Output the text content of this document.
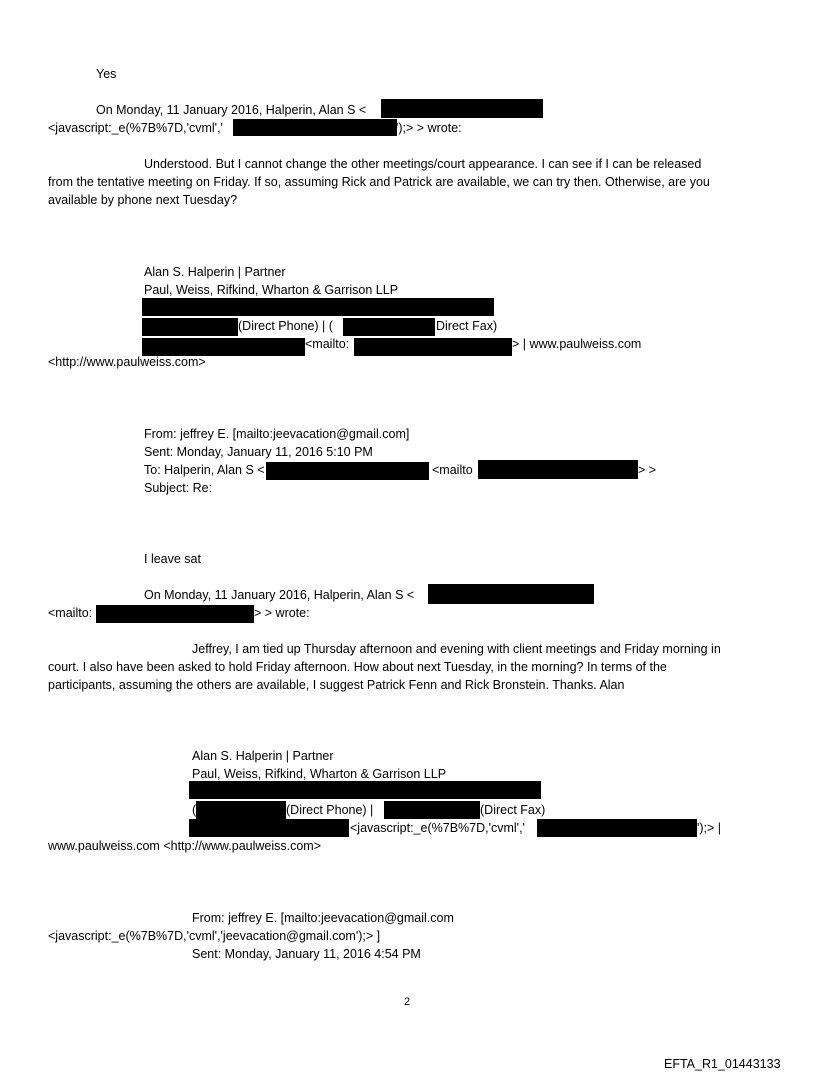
Yes
On Monday, 11 January 2016, Halperin, Alan S <
<javascript:_e(%7B%7D,'cvml','	');> > wrote:
Understood. But I cannot change the other meetings/court appearance. I can see if I can be released
from the tentative meeting on Friday. If so, assuming Rick and Patrick are available, we can try then. Otherwise, are you
available by phone next Tuesday?
Alan S. Halperin | Partner
Paul, Weiss, Rifkind, Wharton & Garrison LLP
(Direct Phone) | (	Direct Fax)
<mailto:	> | www.paulweiss.com
<http://www.paulweiss.com>
From: jeffrey E. [mailto:jeevacation@gmail.com]
Sent: Monday, January 11, 2016 5:10 PM
To: Halperin, Alan S <	<mailto	> >
Subject: Re:
I leave sat
On Monday, 11 January 2016, Halperin, Alan S <
<mailto:	> > wrote:
Jeffrey, I am tied up Thursday afternoon and evening with client meetings and Friday morning in
court. I also have been asked to hold Friday afternoon. How about next Tuesday, in the morning? In terms of the
participants, assuming the others are available, I suggest Patrick Fenn and Rick Bronstein. Thanks. Alan
Alan S. Halperin | Partner
Paul, Weiss, Rifkind, Wharton & Garrison LLP
(	(Direct Phone) |	(Direct Fax)
<javascript:_e(%7B%7D,'cvml','	');> |
www.paulweiss.com <http://www.paulweiss.com>
From: jeffrey E. [mailto:jeevacation@gmail.com
<javascript:_e(%7B%7D,'cvml','jeevacation@gmail.com');> ]
Sent: Monday, January 11, 2016 4:54 PM
2
EFTA_R1_01443133
